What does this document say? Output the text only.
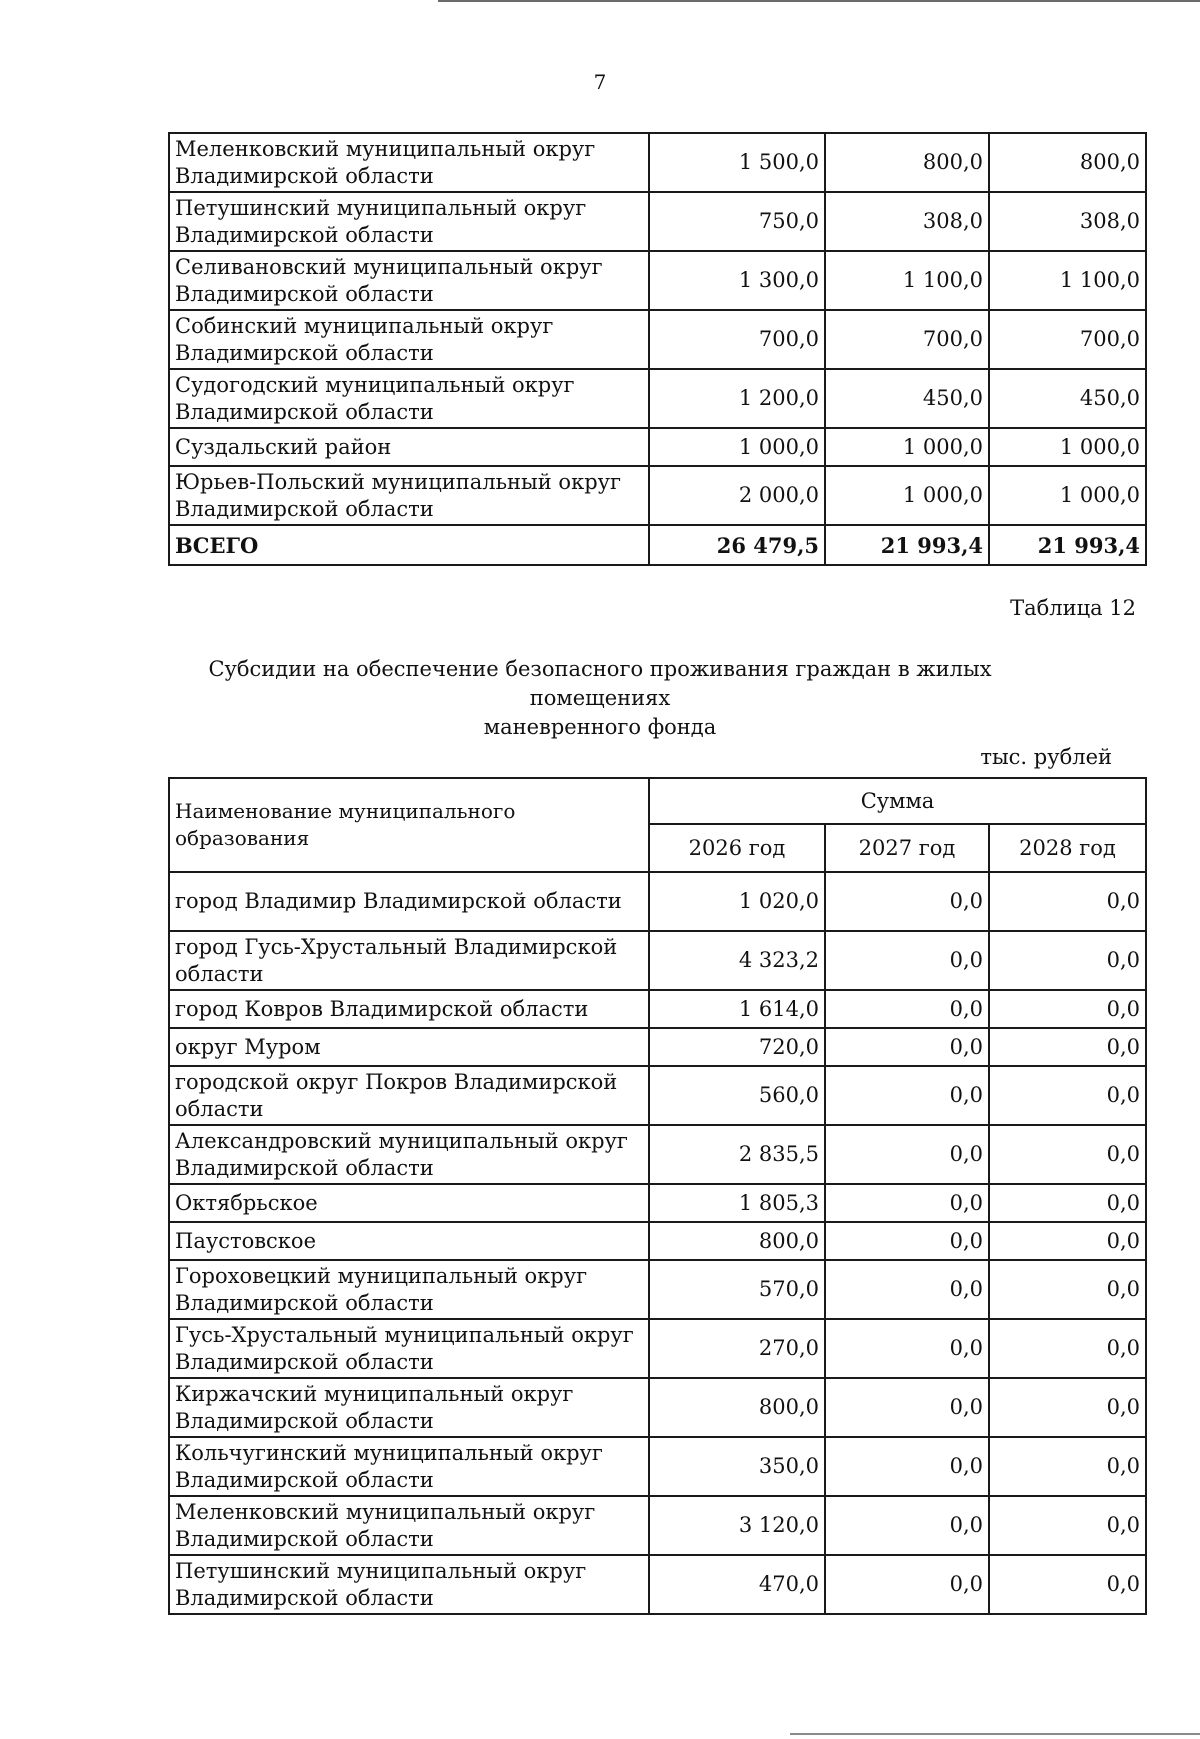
7
Меленковский муниципальный округ Владимирской области	1 500,0	800,0	800,0
Петушинский муниципальный округ Владимирской области	750,0	308,0	308,0
Селивановский муниципальный округ Владимирской области	1 300,0	1 100,0	1 100,0
Собинский муниципальный округ Владимирской области	700,0	700,0	700,0
Судогодский муниципальный округ Владимирской области	1 200,0	450,0	450,0
Суздальский район	1 000,0	1 000,0	1 000,0
Юрьев-Польский муниципальный округ Владимирской области	2 000,0	1 000,0	1 000,0
ВСЕГО	26 479,5	21 993,4	21 993,4
Таблица 12
Субсидии на обеспечение безопасного проживания граждан в жилых помещениях
маневренного фонда
тыс. рублей
Наименование муниципального образования	Сумма		
	2026 год	2027 год	2028 год
город Владимир Владимирской области	1 020,0	0,0	0,0
город Гусь-Хрустальный Владимирской области	4 323,2	0,0	0,0
город Ковров Владимирской области	1 614,0	0,0	0,0
округ Муром	720,0	0,0	0,0
городской округ Покров Владимирской области	560,0	0,0	0,0
Александровский муниципальный округ Владимирской области	2 835,5	0,0	0,0
Октябрьское	1 805,3	0,0	0,0
Паустовское	800,0	0,0	0,0
Гороховецкий муниципальный округ Владимирской области	570,0	0,0	0,0
Гусь-Хрустальный муниципальный округ Владимирской области	270,0	0,0	0,0
Киржачский муниципальный округ Владимирской области	800,0	0,0	0,0
Кольчугинский муниципальный округ Владимирской области	350,0	0,0	0,0
Меленковский муниципальный округ Владимирской области	3 120,0	0,0	0,0
Петушинский муниципальный округ Владимирской области	470,0	0,0	0,0
